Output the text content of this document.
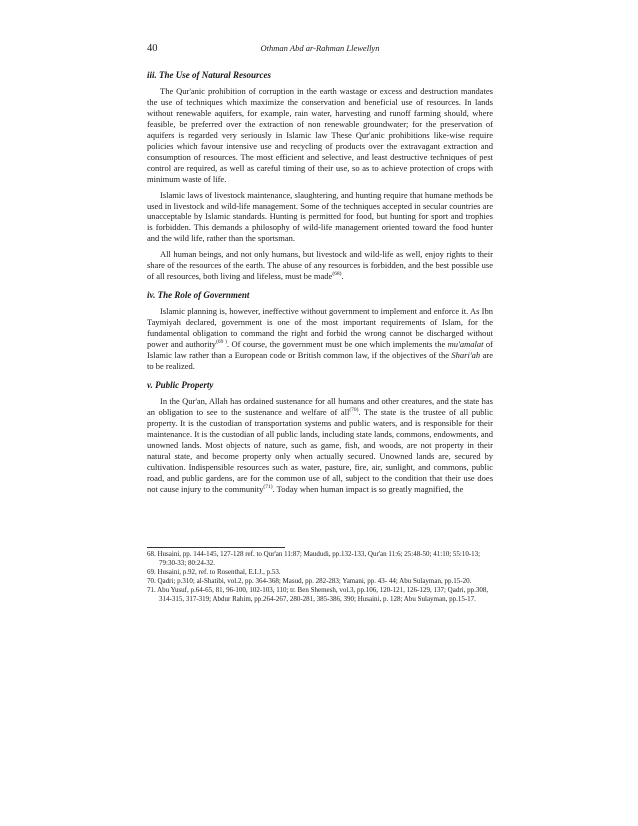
40	Othman Abd ar-Rahman Llewellyn
iii. The Use of Natural Resources

The Qur'anic prohibition of corruption in the earth wastage or excess and destruction mandates the use of techniques which maximize the conservation and beneficial use of resources. In lands without renewable aquifers, for example, rain water, harvesting and runoff farming should, where feasible, be preferred over the extraction of non renewable groundwater; for the preservation of aquifers is regarded very seriously in Islamic law These Qur'anic prohibitions like-wise require policies which favour intensive use and recycling of products over the extravagant extraction and consumption of resources. The most efficient and selective, and least destructive techniques of pest control are required, as well as careful timing of their use, so as to achieve protection of crops with minimum waste of life.

Islamic laws of livestock maintenance, slaughtering, and hunting require that humane methods be used in livestock and wild-life management. Some of the techniques accepted in secular countries are unacceptable by Islamic standards. Hunting is permitted for food, but hunting for sport and trophies is forbidden. This demands a philosophy of wild-life management oriented toward the food hunter and the wild life, rather than the sportsman.

All human beings, and not only humans, but livestock and wild-life as well, enjoy rights to their share of the resources of the earth. The abuse of any resources is forbidden, and the best possible use of all resources, both living and lifeless, must be made$^{(68)}$.

iv. The Role of Government

Islamic planning is, however, ineffective without government to implement and enforce it. As Ibn Taymiyah declared, government is one of the most important requirements of Islam, for the fundamental obligation to command the right and forbid the wrong cannot be discharged without power and authority$^{(69 )}$. Of course, the government must be one which implements the mu'amalat of Islamic law rather than a European code or British common law, if the objectives of the Shari'ah are to be realized.

v. Public Property

In the Qur'an, Allah has ordained sustenance for all humans and other creatures, and the state has an obligation to see to the sustenance and welfare of all$^{(70)}$. The state is the trustee of all public property. It is the custodian of transportation systems and public waters, and is responsible for their maintenance. It is the custodian of all public lands, including state lands, commons, endowments, and unowned lands. Most objects of nature, such as game, fish, and woods, are not property in their natural state, and become property only when actually secured. Unowned lands are, secured by cultivation. Indispensible resources such as water, pasture, fire, air, sunlight, and commons, public road, and public gardens, are for the common use of all, subject to the condition that their use does not cause injury to the community$^{(71)}$. Today when human impact is so greatly magnified, the

68. Husaini, pp. 144-145, 127-128 ref. to Qur'an 11:87; Maududi, pp.132-133, Qur'an 11:6; 25:48-50; 41:10; 55:10-13; 79:30-33; 80:24-32.

69. Husaini, p.92, ref. to Rosenthal, E.I.J., p.53.

70. Qadri; p.310; al-Shatibi, vol.2, pp. 364-368; Masud, pp. 282-283; Yamani, pp. 43- 44; Abu Sulayman, pp.15-20.

71. Abu Yusuf, p.64-65, 81, 96-100, 102-103, 110; tr. Ben Shemesh, vol.3, pp.106, 120-121, 126-129, 137; Qadri, pp.308, 314-315, 317-319; Abdur Rahim, pp.264-267, 280-281, 385-386, 390; Husaini, p. 128; Abu Sulayman, pp.15-17.
